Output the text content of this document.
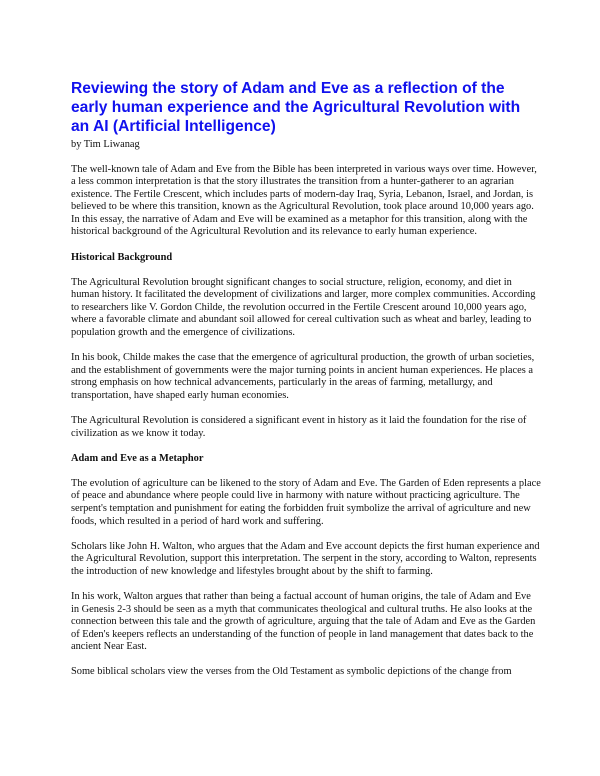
Reviewing the story of Adam and Eve as a reflection of the early human experience and the Agricultural Revolution with an AI (Artificial Intelligence)

by Tim Liwanag

The well-known tale of Adam and Eve from the Bible has been interpreted in various ways over time. However, a less common interpretation is that the story illustrates the transition from a hunter-gatherer to an agrarian existence. The Fertile Crescent, which includes parts of modern-day Iraq, Syria, Lebanon, Israel, and Jordan, is believed to be where this transition, known as the Agricultural Revolution, took place around 10,000 years ago. In this essay, the narrative of Adam and Eve will be examined as a metaphor for this transition, along with the historical background of the Agricultural Revolution and its relevance to early human experience.

Historical Background

The Agricultural Revolution brought significant changes to social structure, religion, economy, and diet in human history. It facilitated the development of civilizations and larger, more complex communities. According to researchers like V. Gordon Childe, the revolution occurred in the Fertile Crescent around 10,000 years ago, where a favorable climate and abundant soil allowed for cereal cultivation such as wheat and barley, leading to population growth and the emergence of civilizations.

In his book, Childe makes the case that the emergence of agricultural production, the growth of urban societies, and the establishment of governments were the major turning points in ancient human experiences. He places a strong emphasis on how technical advancements, particularly in the areas of farming, metallurgy, and transportation, have shaped early human economies.

The Agricultural Revolution is considered a significant event in history as it laid the foundation for the rise of civilization as we know it today.

Adam and Eve as a Metaphor

The evolution of agriculture can be likened to the story of Adam and Eve. The Garden of Eden represents a place of peace and abundance where people could live in harmony with nature without practicing agriculture. The serpent's temptation and punishment for eating the forbidden fruit symbolize the arrival of agriculture and new foods, which resulted in a period of hard work and suffering.

Scholars like John H. Walton, who argues that the Adam and Eve account depicts the first human experience and the Agricultural Revolution, support this interpretation. The serpent in the story, according to Walton, represents the introduction of new knowledge and lifestyles brought about by the shift to farming.

In his work, Walton argues that rather than being a factual account of human origins, the tale of Adam and Eve in Genesis 2-3 should be seen as a myth that communicates theological and cultural truths. He also looks at the connection between this tale and the growth of agriculture, arguing that the tale of Adam and Eve as the Garden of Eden's keepers reflects an understanding of the function of people in land management that dates back to the ancient Near East.

Some biblical scholars view the verses from the Old Testament as symbolic depictions of the change from
